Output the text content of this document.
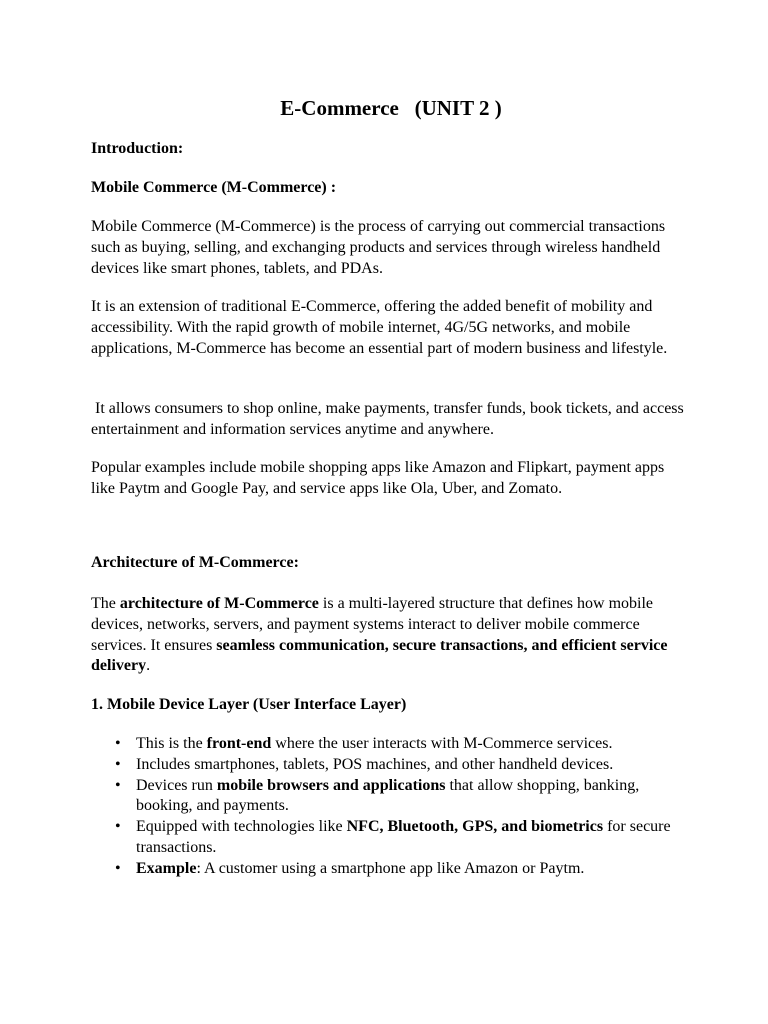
E-Commerce   (UNIT 2 )

Introduction:

Mobile Commerce (M-Commerce) :

Mobile Commerce (M-Commerce) is the process of carrying out commercial transactions such as buying, selling, and exchanging products and services through wireless handheld devices like smart phones, tablets, and PDAs.

It is an extension of traditional E-Commerce, offering the added benefit of mobility and accessibility. With the rapid growth of mobile internet, 4G/5G networks, and mobile applications, M-Commerce has become an essential part of modern business and lifestyle.

It allows consumers to shop online, make payments, transfer funds, book tickets, and access entertainment and information services anytime and anywhere.

Popular examples include mobile shopping apps like Amazon and Flipkart, payment apps like Paytm and Google Pay, and service apps like Ola, Uber, and Zomato.

Architecture of M-Commerce:

The architecture of M-Commerce is a multi-layered structure that defines how mobile devices, networks, servers, and payment systems interact to deliver mobile commerce services. It ensures seamless communication, secure transactions, and efficient service delivery.

1. Mobile Device Layer (User Interface Layer)

• This is the front-end where the user interacts with M-Commerce services.
• Includes smartphones, tablets, POS machines, and other handheld devices.
• Devices run mobile browsers and applications that allow shopping, banking, booking, and payments.
• Equipped with technologies like NFC, Bluetooth, GPS, and biometrics for secure transactions.
• Example: A customer using a smartphone app like Amazon or Paytm.
